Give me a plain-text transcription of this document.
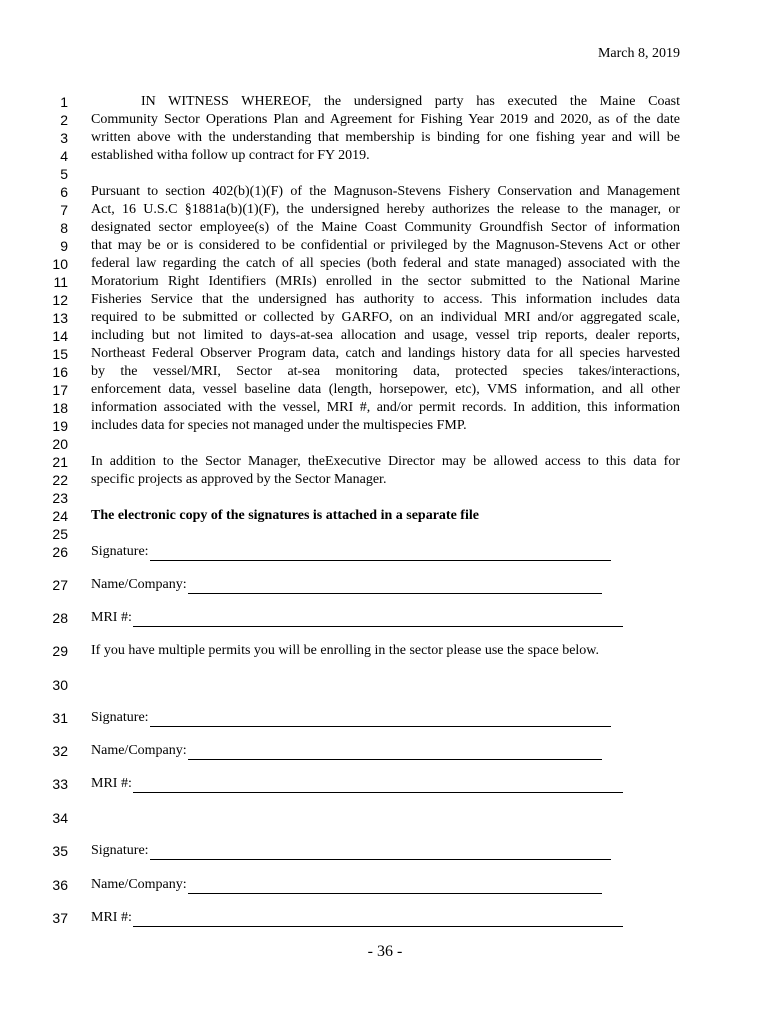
March 8, 2019
1
2
3
4
5
6
7
8
9
10
11
12
13
14
15
16
17
18
19
20
21
22
23
24
25
26
27
28
29
30
31
32
33
34
35
36
37
IN WITNESS WHEREOF, the undersigned party has executed the Maine Coast
Community Sector Operations Plan and Agreement for Fishing Year 2019 and 2020, as of the date
written above with the understanding that membership is binding for one fishing year and will be
established witha follow up contract for FY 2019.
Pursuant to section 402(b)(1)(F) of the Magnuson-Stevens Fishery Conservation and Management
Act, 16 U.S.C §1881a(b)(1)(F), the undersigned hereby authorizes the release to the manager, or
designated sector employee(s) of the Maine Coast Community Groundfish Sector of information
that may be or is considered to be confidential or privileged by the Magnuson-Stevens Act or other
federal law regarding the catch of all species (both federal and state managed) associated with the
Moratorium Right Identifiers (MRIs) enrolled in the sector submitted to the National Marine
Fisheries Service that the undersigned has authority to access. This information includes data
required to be submitted or collected by GARFO, on an individual MRI and/or aggregated scale,
including but not limited to days-at-sea allocation and usage, vessel trip reports, dealer reports,
Northeast Federal Observer Program data, catch and landings history data for all species harvested
by the vessel/MRI, Sector at-sea monitoring data, protected species takes/interactions,
enforcement data, vessel baseline data (length, horsepower, etc), VMS information, and all other
information associated with the vessel, MRI #, and/or permit records. In addition, this information
includes data for species not managed under the multispecies FMP.
In addition to the Sector Manager, theExecutive Director may be allowed access to this data for
specific projects as approved by the Sector Manager.
The electronic copy of the signatures is attached in a separate file
Signature:
Name/Company:
MRI #:
If you have multiple permits you will be enrolling in the sector please use the space below.
Signature:
Name/Company:
MRI #:
Signature:
Name/Company:
MRI #:
- 36 -
